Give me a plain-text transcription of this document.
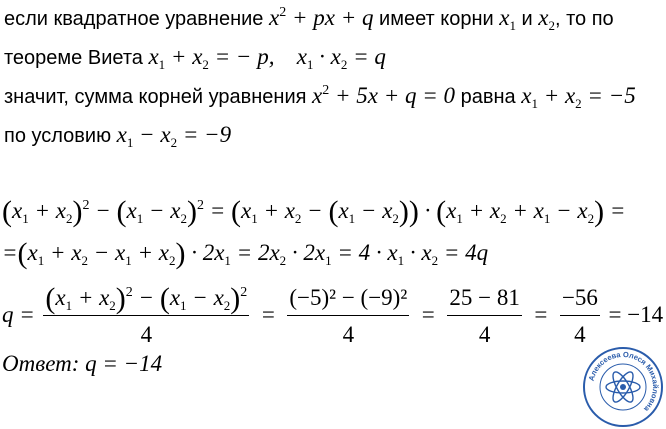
если квадратное уравнение $x^2$ + px + q имеет корни $x_1$ и $x_2$, то по
теореме Виета $x_1 + x_2$ = − p, $x_1 \cdot x_2 = q$
значит, сумма корней уравнения $x^2 + 5x + q = 0$ равна $x_1 + x_2 = -5$
по условию $x_1 - x_2 = -9$
$(x_1 + x_2)^2 - (x_1 - x_2)^2 = (x_1 + x_2 - (x_1 - x_2)) \cdot (x_1 + x_2 + x_1 - x_2)$ =
$=(x_1 + x_2 - x_1 + x_2) \cdot 2x_1 = 2x_2 \cdot 2x_1 = 4 \cdot x_1 \cdot x_2 = 4q$
$q = \frac{(x_1 + x_2)^2 - (x_1 - x_2)^2}{4} = \frac{\text{(−5)² − (−9)²}}{4} = \frac{25 - 81}{4} = \frac{-56}{4} = -14$
Ответ: q = −14
Алексеева Олеся Михайловна
